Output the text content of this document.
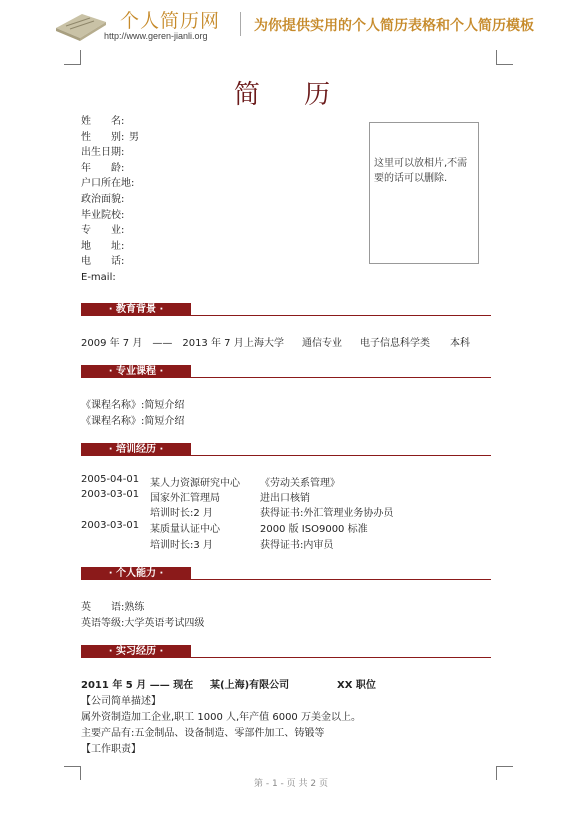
个人简历网
http://www.geren-jianli.org
为你提供实用的个人简历表格和个人简历模板
简 历
姓　　名:
性　　别: 男
出生日期:
年　　龄:
户口所在地:
政治面貌:
毕业院校:
专　　业:
地　　址:
电　　话:
E-mail:
这里可以放相片,不需要的话可以删除.
· 教育背景 ·
2009 年 7 月　——　2013 年 7 月 上海大学 通信专业 电子信息科学类 本科
· 专业课程 ·
《课程名称》:简短介绍
《课程名称》:简短介绍
· 培训经历 ·
2005-04-01 某人力资源研究中心 《劳动关系管理》
2003-03-01 国家外汇管理局	进出口核销
培训时长:2 月	获得证书:外汇管理业务协办员
2003-03-01 某质量认证中心	2000 版 ISO9000 标准
培训时长:3 月	获得证书:内审员
· 个人能力 ·
英　　语:熟练
英语等级:大学英语考试四级
· 实习经历 ·
2011 年 5 月 —— 现在 某(上海)有限公司	XX 职位
【公司简单描述】
属外资制造加工企业,职工 1000 人,年产值 6000 万美金以上。
主要产品有:五金制品、设备制造、零部件加工、铸锻等
【工作职责】
第 - 1 - 页 共 2 页
